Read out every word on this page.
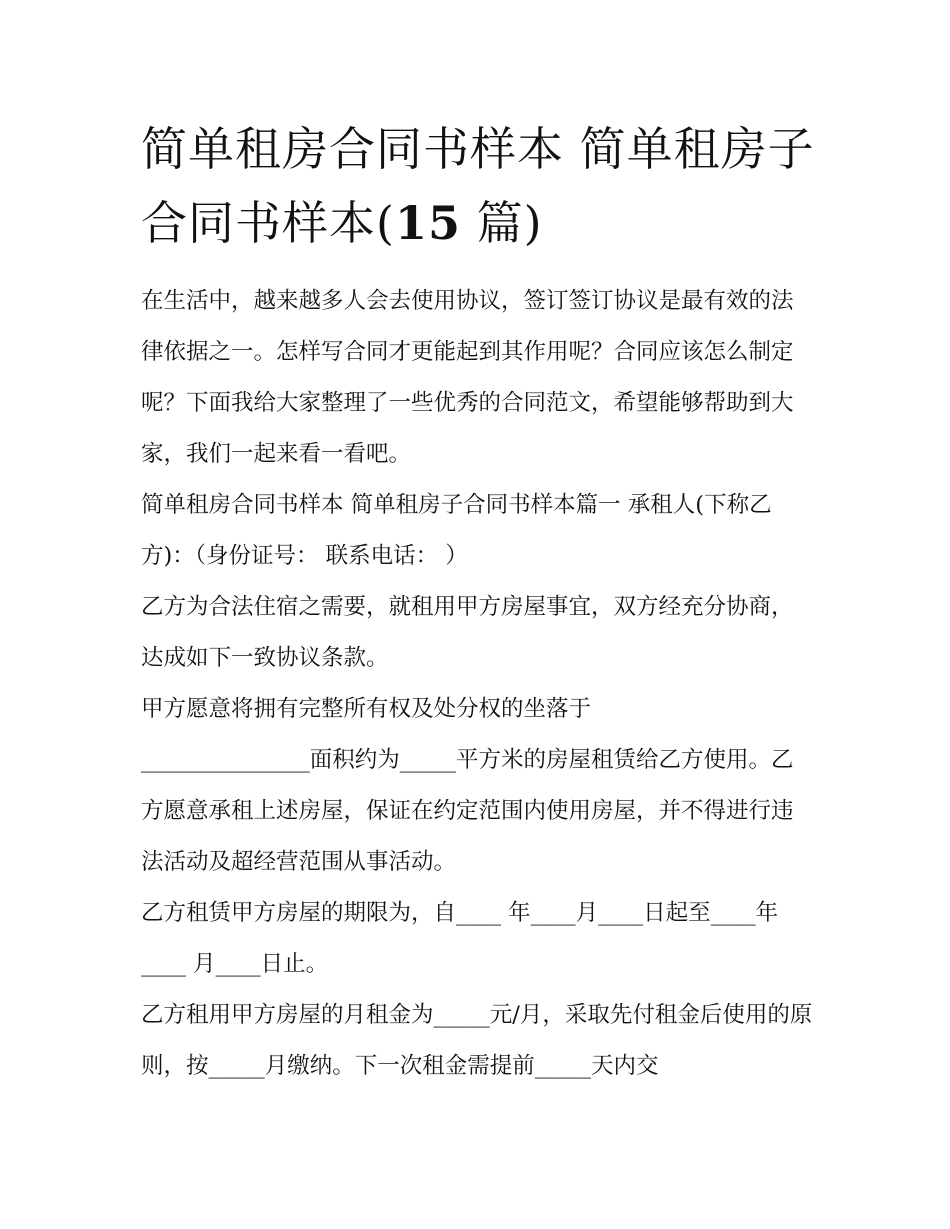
简单租房合同书样本 简单租房子合同书样本(15 篇)

在生活中，越来越多人会去使用协议，签订签订协议是最有效的法律依据之一。怎样写合同才更能起到其作用呢？合同应该怎么制定呢？下面我给大家整理了一些优秀的合同范文，希望能够帮助到大家，我们一起来看一看吧。

简单租房合同书样本 简单租房子合同书样本篇一 承租人(下称乙方)：（身份证号： 联系电话： ）

乙方为合法住宿之需要，就租用甲方房屋事宜，双方经充分协商，达成如下一致协议条款。

甲方愿意将拥有完整所有权及处分权的坐落于

_______________面积约为_____平方米的房屋租赁给乙方使用。乙方愿意承租上述房屋，保证在约定范围内使用房屋，并不得进行违法活动及超经营范围从事活动。

乙方租赁甲方房屋的期限为，自____ 年____月____日起至____年____ 月____日止。

乙方租用甲方房屋的月租金为_____元/月，采取先付租金后使用的原则，按_____月缴纳。下一次租金需提前_____天内交
